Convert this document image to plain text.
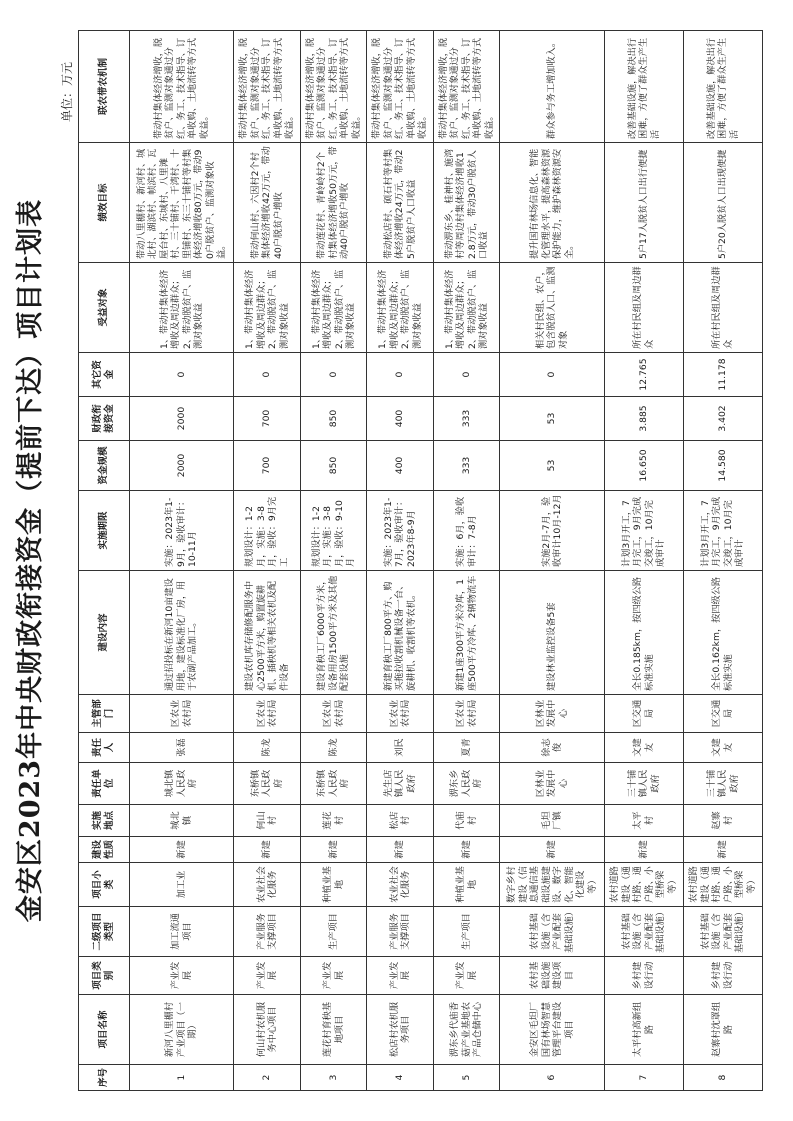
金安区2023年中央财政衔接资金（提前下达）项目计划表
单位：万元
序号	项目名称	项目类别	二级项目类型	项目小类	建设性质	实施地点	责任单位	责任人	主管部门	建设内容	实施期限	资金规模	财政衔接资金	其它资金	受益对象	绩效目标	联农带农机制
1	新河八里棚村产业项目（一期）	产业发展	加工流通项目	加工业	新建	城北镇	城北镇人民政府	张磊	区农业农村局	通过招投标在新河10亩建设用地，建设标准化厂房，用于农副产品加工。	实施：2023年1-9月，验收审计：10-11月	2000	2000	0	1、带动村集体经济增收及周边群众；2、带动脱贫户、监测对象收益	带动八里棚村、新河村、城北村、湖滨村、帧滨村、瓦屋台村、东城村、八里滩村、三十铺村、干湾村、十里铺村、东三十铺村等村集体经济增收80万元，带动90户脱贫户、监测对象收益。	带动村集体经济增收，脱贫户、监测对象通过分红、务工、技术指导、订单收购、土地流转等方式收益。
2	何山村农机服务中心项目	产业发展	产业服务支撑项目	农业社会化服务	新建	何山村	东桥镇人民政府	陈龙	区农业农村局	建设农机库存储修配服务中心2500平方米，购置旋耕机、插秧机等相关农机及配件设备	规划设计：1-2月，实施：3-8月，验收：9月完工	700	700	0	1、带动村集体经济增收及周边群众；2、带动脱贫户、监测对象收益	带动何山村、六因村2个村集体经济增收42万元，带动40户脱贫户增收	带动村集体经济增收，脱贫户、监测对象通过分红、务工、技术指导、订单收购、土地流转等方式收益。
3	莲花村育秧基地项目	产业发展	生产项目	种植业基地	新建	莲花村	东桥镇人民政府	陈龙	区农业农村局	建设育秧工厂6000平方米，设备用房1500平方米及其他配套设施	规划设计：1-2月，实施：3-8月，验收：9-10月	850	850	0	1、带动村集体经济增收及周边群众；2、带动脱贫户、监测对象收益	带动莲花村、青岭岭村2个村集体经济增收50万元，带动40户脱贫户增收	带动村集体经济增收，脱贫户、监测对象通过分红、务工、技术指导、订单收购、土地流转等方式收益。
4	松店村农机服务项目	产业发展	产业服务支撑项目	农业社会化服务	新建	松店村	先生店镇人民政府	刘民	区农业农村局	新建育秧工厂800平方、购买拖拉收割机械设备一台、旋耕机、收割机等农机。	实施：2023年1-7月，验收审计：2023年8-9月	400	400	0	1、带动村集体经济增收及周边群众；2、带动脱贫户、监测对象收益	带动松店村、硕石村等村集体经济增收24万元，带动25户脱贫户人口收益	带动村集体经济增收，脱贫户、监测对象通过分红、务工、技术指导、订单收购、土地流转等方式收益。
5	淠东乡代庙香菇产业基地农产品仓储中心	产业发展	生产项目	种植业基地	新建	代庙村	淠东乡人民政府	夏青	区农业农村局	新建1座300平方米冷库，1座500平方冷库、2辆物流车	实施：6月，验收审计：7-8月	333	333	0	1、带动村集体经济增收及周边群众；2、带动脱贫户、监测对象收益	带动淠东乡、桂神村、施湾村等周边村集体经济增收12.8万元，带动30户脱贫人口收益	带动村集体经济增收，脱贫户、监测对象通过分红、务工、技术指导、订单收购、土地流转等方式收益。
6	金安区毛坦厂国有林场智慧管理平台建设项目	农村基础设施建设项目	农村基础设施（含产业配套基础设施）	数字乡村建设（信息通信基础设施建设、数字化、智能化建设等）	新建	毛坦厂镇	区林业发展中心	徐志俊	区林业发展中心	建设林业监控设备5套	实施2月-7月，验收审计10月-12月	53	53	0	相关村民组、农户，包含脱贫人口、监测对象	提升国有林场信息化、智能化管理水平，提高森林资源保护能力，维护森林资源安全。	群众参与务工增加收入。
7	太平村高新组路	乡村建设行动	农村基础设施（含产业配套基础设施）	农村道路建设（通村路、通户路、小型桥梁等）	新建	太平村	三十铺镇人民政府	文建友	区交通局	全长0.185km，按四级公路标准实施	计划3月开工，7月完工，9月完成交竣工，10月完成审计	16.650	3.885	12.765	所在村民组及周边群众	5户17人脱贫人口出行便捷	改善基础设施，解决出行困难，方便了群众生产生活
8	赵寨村沈罩组路	乡村建设行动	农村基础设施（含产业配套基础设施）	农村道路建设（通村路、通户路、小型桥梁等）	新建	赵寨村	三十铺镇人民政府	文建友	区交通局	全长0.162km，按四级公路标准实施	计划3月开工，7月完工，9月完成交竣工，10月完成审计	14.580	3.402	11.178	所在村民组及周边群众	5户20人脱贫人口出现便捷	改善基础设施，解决出行困难，方便了群众生产生活
